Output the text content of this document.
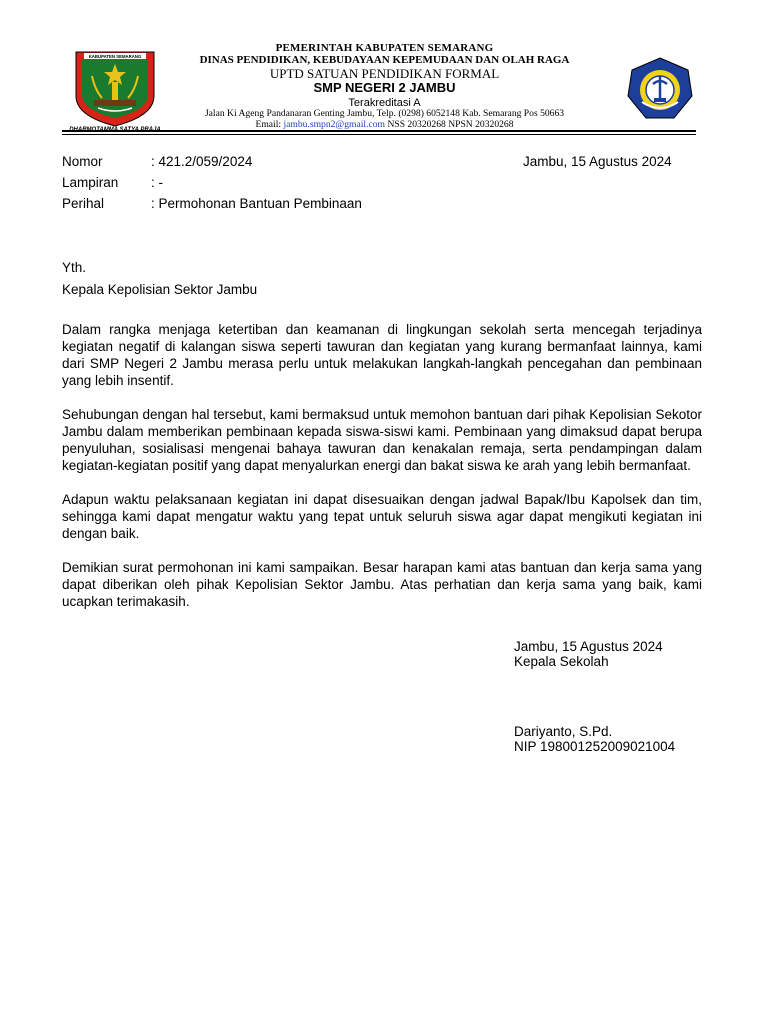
KABUPATEN SEMARANG
PEMERINTAH KABUPATEN SEMARANG
DINAS PENDIDIKAN, KEBUDAYAAN KEPEMUDAAN DAN OLAH RAGA
UPTD SATUAN PENDIDIKAN FORMAL
SMP NEGERI 2 JAMBU
Terakreditasi A
Jalan Ki Ageng Pandanaran Genting Jambu, Telp. (0298) 6052148 Kab. Semarang Pos 50663
Email: jambu.smpn2@gmail.com NSS 20320268 NPSN 20320268
Nomor	: 421.2/059/2024
Lampiran	: -
Perihal	: Permohonan Bantuan Pembinaan
Jambu, 15 Agustus 2024
Yth.
Kepala Kepolisian Sektor Jambu

Dalam rangka menjaga ketertiban dan keamanan di lingkungan sekolah serta mencegah terjadinya kegiatan negatif di kalangan siswa seperti tawuran dan kegiatan yang kurang bermanfaat lainnya, kami dari SMP Negeri 2 Jambu merasa perlu untuk melakukan langkah-langkah pencegahan dan pembinaan yang lebih insentif.

Sehubungan dengan hal tersebut, kami bermaksud untuk memohon bantuan dari pihak Kepolisian Sekotor Jambu dalam memberikan pembinaan kepada siswa-siswi kami. Pembinaan yang dimaksud dapat berupa penyuluhan, sosialisasi mengenai bahaya tawuran dan kenakalan remaja, serta pendampingan dalam kegiatan-kegiatan positif yang dapat menyalurkan energi dan bakat siswa ke arah yang lebih bermanfaat.

Adapun waktu pelaksanaan kegiatan ini dapat disesuaikan dengan jadwal Bapak/Ibu Kapolsek dan tim, sehingga kami dapat mengatur waktu yang tepat untuk seluruh siswa agar dapat mengikuti kegiatan ini dengan baik.

Demikian surat permohonan ini kami sampaikan. Besar harapan kami atas bantuan dan kerja sama yang dapat diberikan oleh pihak Kepolisian Sektor Jambu. Atas perhatian dan kerja sama yang baik, kami ucapkan terimakasih.

Jambu, 15 Agustus 2024
Kepala Sekolah
Dariyanto, S.Pd.
NIP 198001252009021004
